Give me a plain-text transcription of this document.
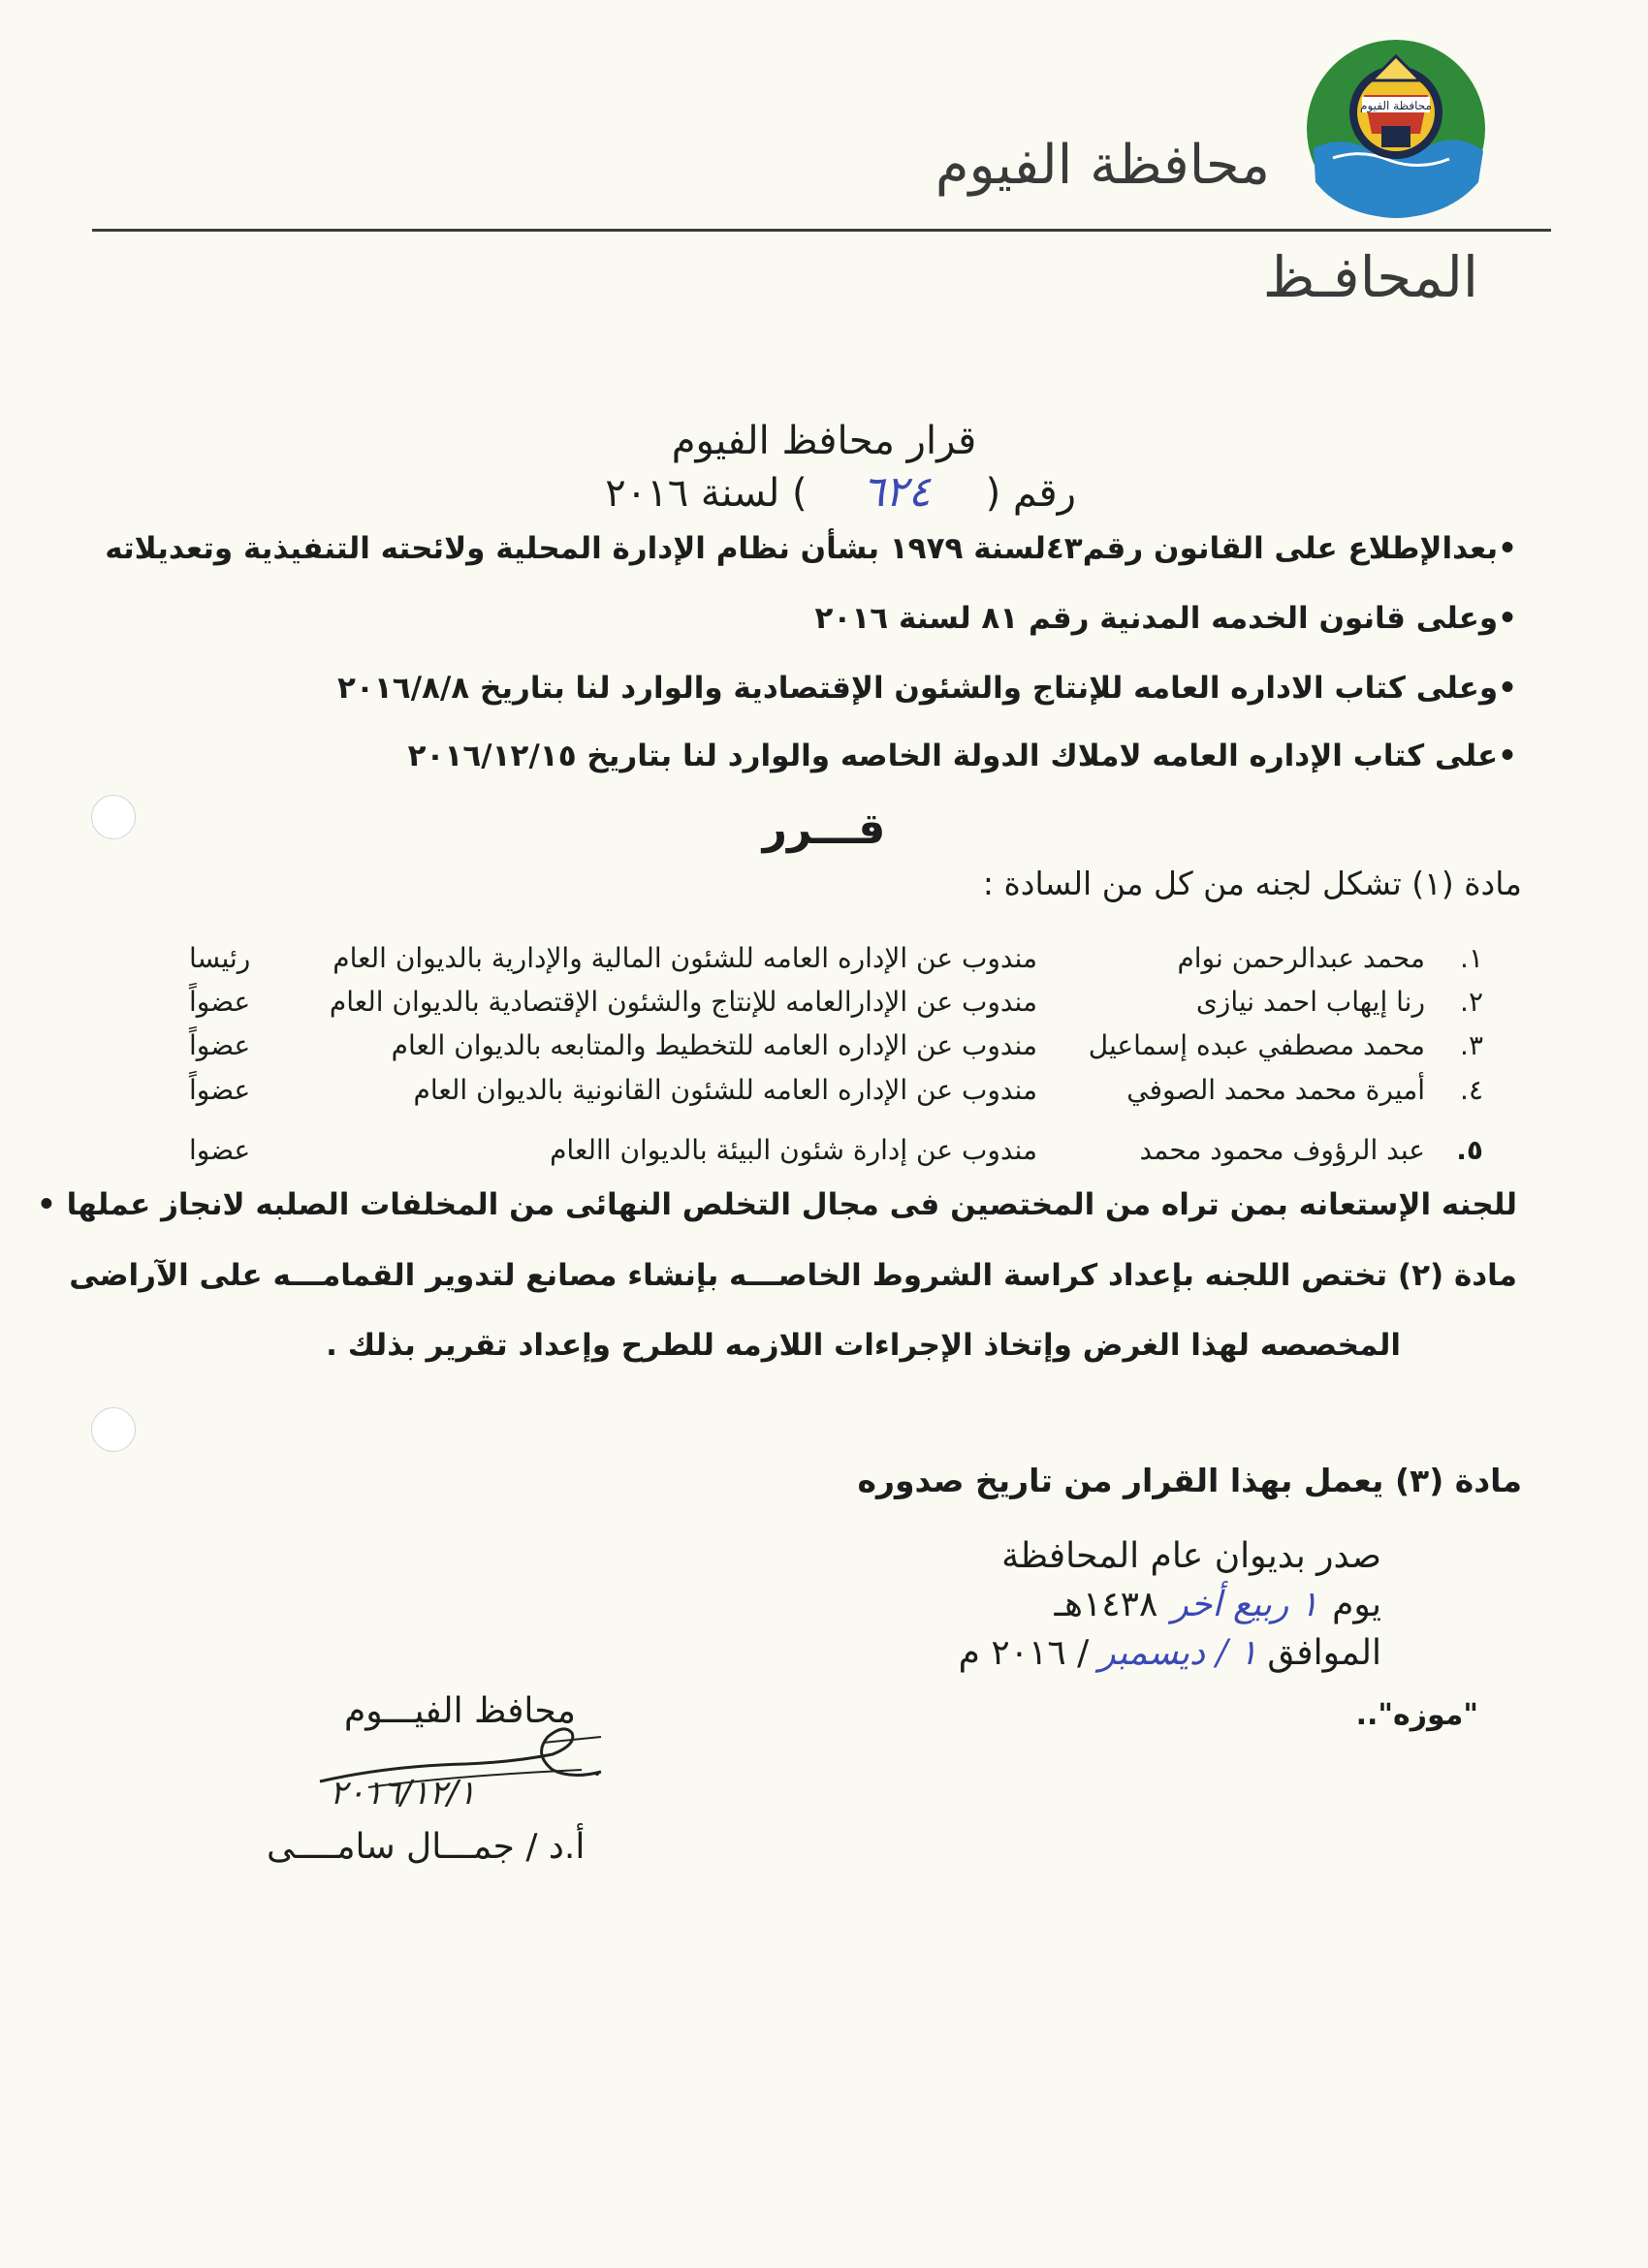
محافظة الفيوم
محافظة الفيوم
المحافـظ
قرار محافظ الفيوم
رقم (
٦٢٤
) لسنة ٢٠١٦
•بعدالإطلاع على القانون رقم٤٣لسنة ١٩٧٩ بشأن نظام الإدارة المحلية ولائحته التنفيذية وتعديلاته
•وعلى قانون الخدمه المدنية رقم ٨١ لسنة ٢٠١٦
•وعلى كتاب الاداره العامه للإنتاج والشئون الإقتصادية والوارد لنا بتاريخ ٢٠١٦/٨/٨
•على كتاب الإداره العامه لاملاك الدولة الخاصه والوارد لنا بتاريخ ٢٠١٦/١٢/١٥
قـــرر
مادة (١) تشكل لجنه من كل من السادة :
١.
محمد عبدالرحمن نوام
مندوب عن الإداره العامه للشئون المالية والإدارية بالديوان العام
رئيسا
٢.
رنا إيهاب احمد نيازى
مندوب عن الإدارالعامه للإنتاج والشئون الإقتصادية بالديوان العام
عضواً
٣.
محمد مصطفي عبده إسماعيل
مندوب عن الإداره العامه للتخطيط والمتابعه بالديوان العام
عضواً
٤.
أميرة محمد محمد الصوفي
مندوب عن الإداره العامه للشئون القانونية بالديوان العام
عضواً
٥.
عبد الرؤوف محمود محمد
مندوب عن إدارة شئون البيئة بالديوان االعام
عضوا
للجنه الإستعانه بمن تراه من المختصين فى مجال التخلص النهائى من المخلفات الصلبه لانجاز عملها •
مادة (٢) تختص اللجنه بإعداد كراسة الشروط الخاصـــه بإنشاء مصانع لتدوير القمامـــه على الآراضى
المخصصه لهذا الغرض وإتخاذ الإجراءات اللازمه للطرح وإعداد تقرير بذلك .
مادة (٣) يعمل بهذا القرار من تاريخ صدوره
صدر بديوان عام المحافظة
يوم
١ ربيع أخر
١٤٣٨هـ
الموافق
١ / ديسمبر
/ ٢٠١٦ م
"موزه"..
محافظ الفيـــوم
٢٠١٦/١٢/١
أ.د / جمـــال سامــــى
